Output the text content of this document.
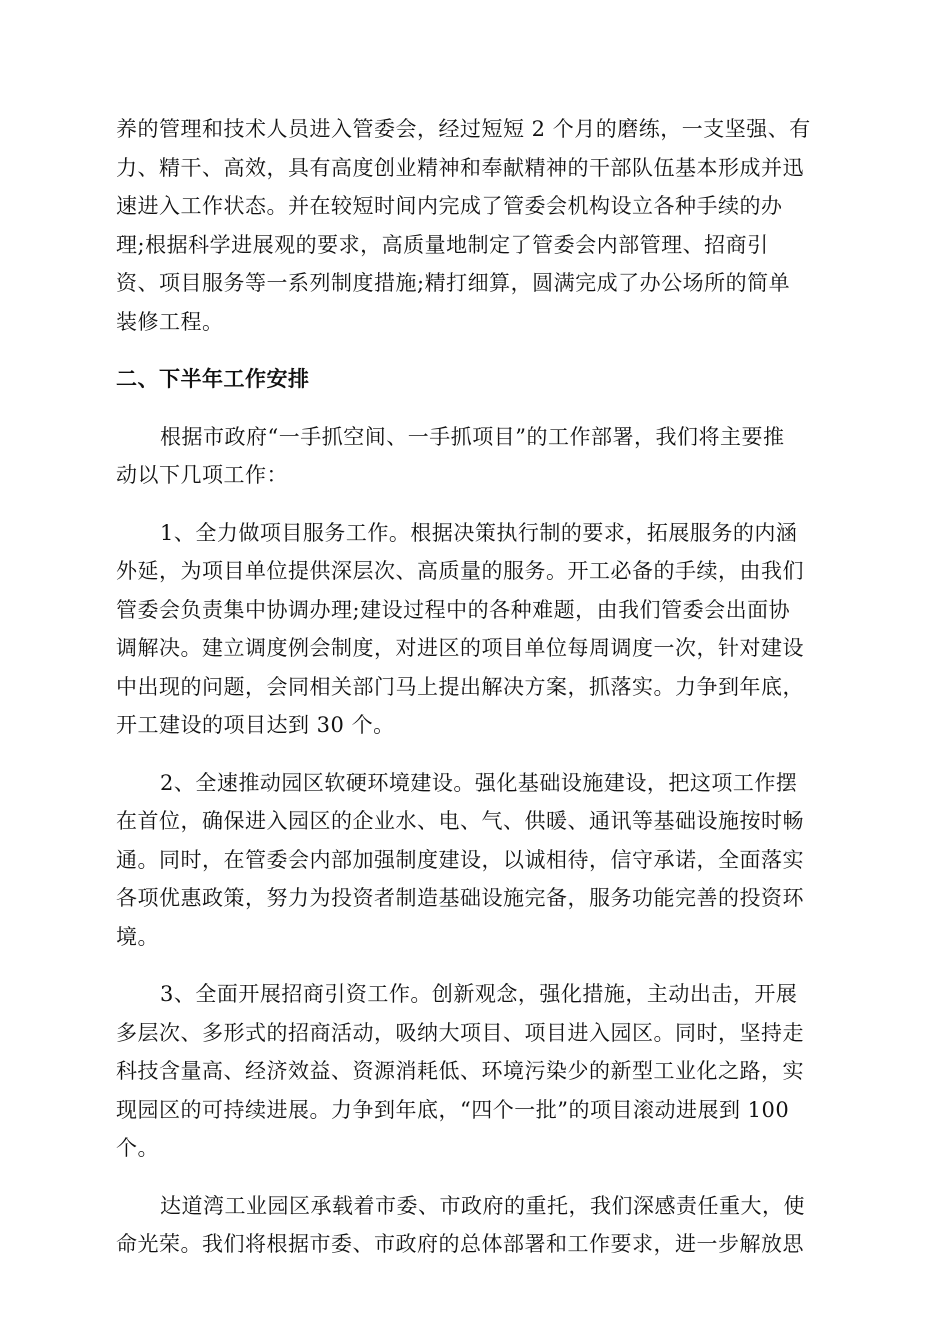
养的管理和技术人员进入管委会，经过短短 2 个月的磨练，一支坚强、有
力、精干、高效，具有高度创业精神和奉献精神的干部队伍基本形成并迅
速进入工作状态。并在较短时间内完成了管委会机构设立各种手续的办
理;根据科学进展观的要求，高质量地制定了管委会内部管理、招商引
资、项目服务等一系列制度措施;精打细算，圆满完成了办公场所的简单
装修工程。
二、下半年工作安排
根据市政府“一手抓空间、一手抓项目”的工作部署，我们将主要推
动以下几项工作：
1、全力做项目服务工作。根据决策执行制的要求，拓展服务的内涵
外延，为项目单位提供深层次、高质量的服务。开工必备的手续，由我们
管委会负责集中协调办理;建设过程中的各种难题，由我们管委会出面协
调解决。建立调度例会制度，对进区的项目单位每周调度一次，针对建设
中出现的问题，会同相关部门马上提出解决方案，抓落实。力争到年底，
开工建设的项目达到 30 个。
2、全速推动园区软硬环境建设。强化基础设施建设，把这项工作摆
在首位，确保进入园区的企业水、电、气、供暖、通讯等基础设施按时畅
通。同时，在管委会内部加强制度建设，以诚相待，信守承诺，全面落实
各项优惠政策，努力为投资者制造基础设施完备，服务功能完善的投资环
境。
3、全面开展招商引资工作。创新观念，强化措施，主动出击，开展
多层次、多形式的招商活动，吸纳大项目、项目进入园区。同时，坚持走
科技含量高、经济效益、资源消耗低、环境污染少的新型工业化之路，实
现园区的可持续进展。力争到年底，“四个一批”的项目滚动进展到 100
个。
达道湾工业园区承载着市委、市政府的重托，我们深感责任重大，使
命光荣。我们将根据市委、市政府的总体部署和工作要求，进一步解放思
